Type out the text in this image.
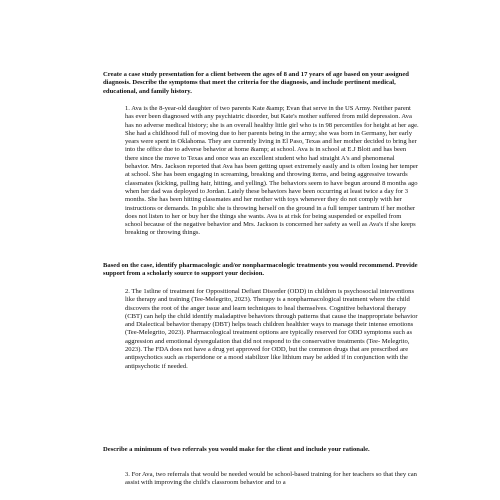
Create a case study presentation for a client between the ages of 8 and 17 years of age based on your assigned diagnosis. Describe the symptoms that meet the criteria for the diagnosis, and include pertinent medical, educational, and family history.

1. Ava is the 8-year-old daughter of two parents Kate &amp; Evan that serve in the US Army. Neither parent has ever been diagnosed with any psychiatric disorder, but Kate's mother suffered from mild depression. Ava has no adverse medical history; she is an overall healthy little girl who is in 98 percentiles for height at her age. She had a childhood full of moving due to her parents being in the army; she was born in Germany, her early years were spent in Oklahoma. They are currently living in El Paso, Texas and her mother decided to bring her into the office due to adverse behavior at home &amp; at school. Ava is in school at E.J Blott and has been there since the move to Texas and once was an excellent student who had straight A's and phenomenal behavior. Mrs. Jackson reported that Ava has been getting upset extremely easily and is often losing her temper at school. She has been engaging in screaming, breaking and throwing items, and being aggressive towards classmates (kicking, pulling hair, hitting, and yelling). The behaviors seem to have begun around 8 months ago when her dad was deployed to Jordan. Lately these behaviors have been occurring at least twice a day for 3 months. She has been hitting classmates and her mother with toys whenever they do not comply with her instructions or demands. In public she is throwing herself on the ground in a full temper tantrum if her mother does not listen to her or buy her the things she wants. Ava is at risk for being suspended or expelled from school because of the negative behavior and Mrs. Jackson is concerned her safety as well as Ava's if she keeps breaking or throwing things.

Based on the case, identify pharmacologic and/or nonpharmacologic treatments you would recommend. Provide support from a scholarly source to support your decision.

2. The 1stline of treatment for Oppositional Defiant Disorder (ODD) in children is psychosocial interventions like therapy and training (Tee-Melegrito, 2023). Therapy is a nonpharmacological treatment where the child discovers the root of the anger issue and learn techniques to heal themselves. Cognitive behavioral therapy (CBT) can help the child identify maladaptive behaviors through patterns that cause the inappropriate behavior and Dialectical behavior therapy (DBT) helps teach children healthier ways to manage their intense emotions (Tee-Melegrito, 2023). Pharmacological treatment options are typically reserved for ODD symptoms such as aggression and emotional dysregulation that did not respond to the conservative treatments (Tee- Melegrito, 2023). The FDA does not have a drug yet approved for ODD, but the common drugs that are prescribed are antipsychotics such as risperidone or a mood stabilizer like lithium may be added if in conjunction with the antipsychotic if needed.

Describe a minimum of two referrals you would make for the client and include your rationale.

3. For Ava, two referrals that would be needed would be school-based training for her teachers so that they can assist with improving the child's classroom behavior and to a
